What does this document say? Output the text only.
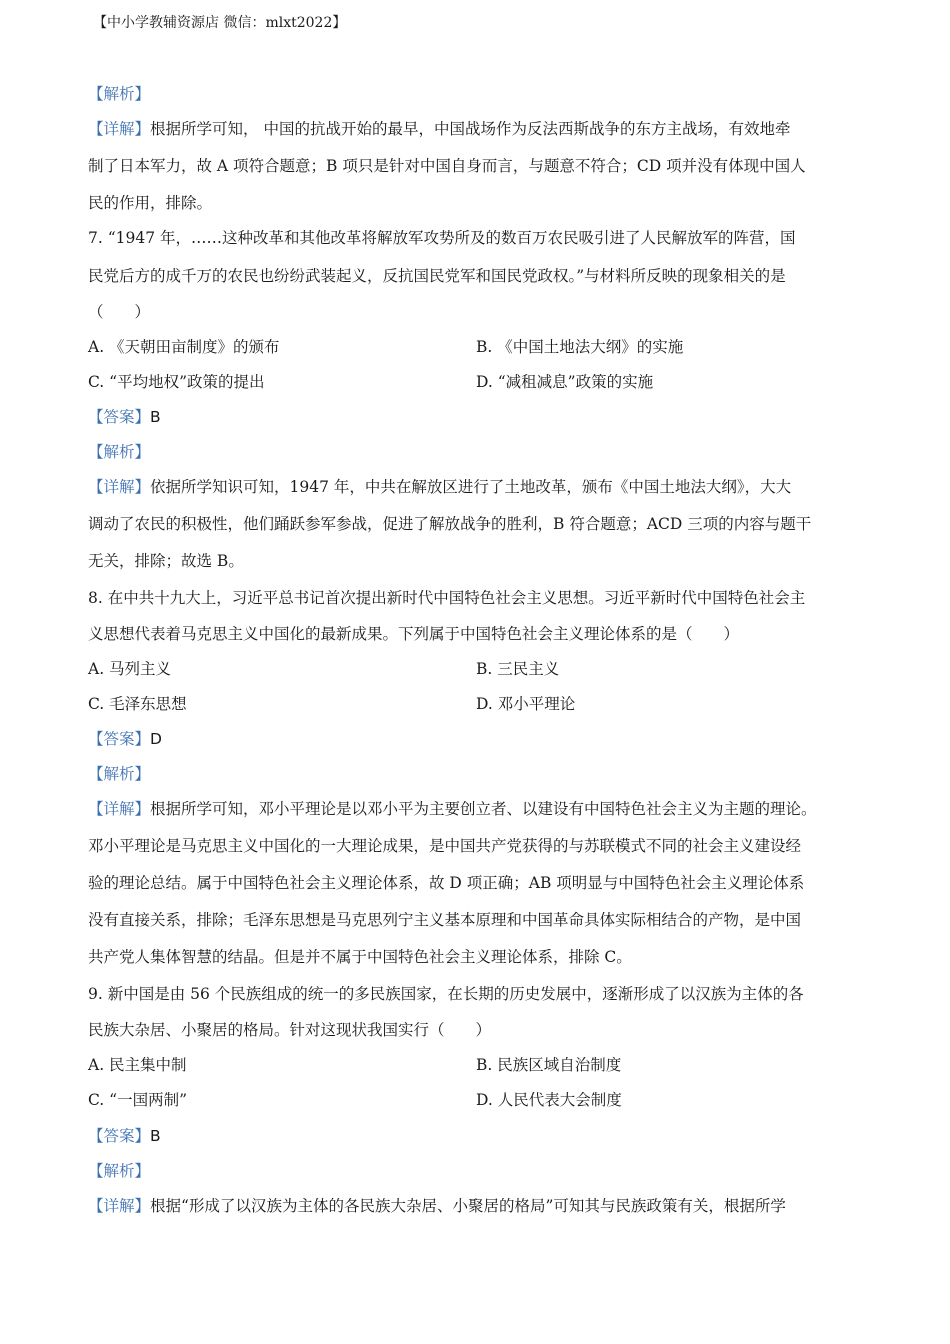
【中小学教辅资源店 微信：mlxt2022】
【解析】
【详解】根据所学可知， 中国的抗战开始的最早，中国战场作为反法西斯战争的东方主战场，有效地牵
制了日本军力，故 A 项符合题意；B 项只是针对中国自身而言，与题意不符合；CD 项并没有体现中国人
民的作用，排除。
7. “1947 年，……这种改革和其他改革将解放军攻势所及的数百万农民吸引进了人民解放军的阵营，国
民党后方的成千万的农民也纷纷武装起义，反抗国民党军和国民党政权。”与材料所反映的现象相关的是
（　　）
A. 《天朝田亩制度》的颁布	B. 《中国土地法大纲》的实施
C. “平均地权”政策的提出	D. “减租减息”政策的实施
【答案】B
【解析】
【详解】依据所学知识可知，1947 年，中共在解放区进行了土地改革，颁布《中国土地法大纲》，大大
调动了农民的积极性，他们踊跃参军参战，促进了解放战争的胜利，B 符合题意；ACD 三项的内容与题干
无关，排除；故选 B。
8. 在中共十九大上，习近平总书记首次提出新时代中国特色社会主义思想。习近平新时代中国特色社会主
义思想代表着马克思主义中国化的最新成果。下列属于中国特色社会主义理论体系的是（　　）
A. 马列主义	B. 三民主义
C. 毛泽东思想	D. 邓小平理论
【答案】D
【解析】
【详解】根据所学可知，邓小平理论是以邓小平为主要创立者、以建设有中国特色社会主义为主题的理论。
邓小平理论是马克思主义中国化的一大理论成果，是中国共产党获得的与苏联模式不同的社会主义建设经
验的理论总结。属于中国特色社会主义理论体系，故 D 项正确；AB 项明显与中国特色社会主义理论体系
没有直接关系，排除；毛泽东思想是马克思列宁主义基本原理和中国革命具体实际相结合的产物，是中国
共产党人集体智慧的结晶。但是并不属于中国特色社会主义理论体系，排除 C。
9. 新中国是由 56 个民族组成的统一的多民族国家，在长期的历史发展中，逐渐形成了以汉族为主体的各
民族大杂居、小聚居的格局。针对这现状我国实行（　　）
A. 民主集中制	B. 民族区域自治制度
C. “一国两制”	D. 人民代表大会制度
【答案】B
【解析】
【详解】根据“形成了以汉族为主体的各民族大杂居、小聚居的格局”可知其与民族政策有关，根据所学
